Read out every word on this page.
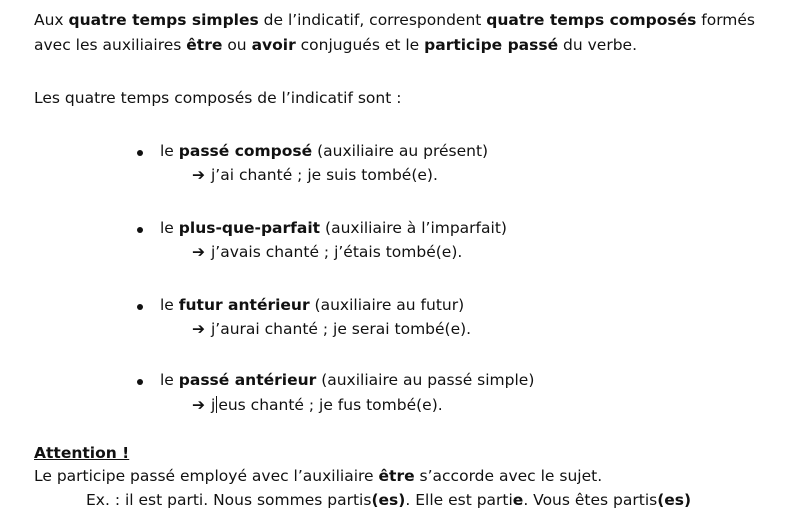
Aux quatre temps simples de l’indicatif, correspondent quatre temps composés formés
avec les auxiliaires être ou avoir conjugués et le participe passé du verbe.
Les quatre temps composés de l’indicatif sont :
le passé composé (auxiliaire au présent)
➔ j’ai chanté ; je suis tombé(e).
le plus-que-parfait (auxiliaire à l’imparfait)
➔ j’avais chanté ; j’étais tombé(e).
le futur antérieur (auxiliaire au futur)
➔ j’aurai chanté ; je serai tombé(e).
le passé antérieur (auxiliaire au passé simple)
➔ j eus chanté ; je fus tombé(e).
Attention !
Le participe passé employé avec l’auxiliaire être s’accorde avec le sujet.
Ex. : il est parti. Nous sommes partis(es). Elle est partie. Vous êtes partis(es)
